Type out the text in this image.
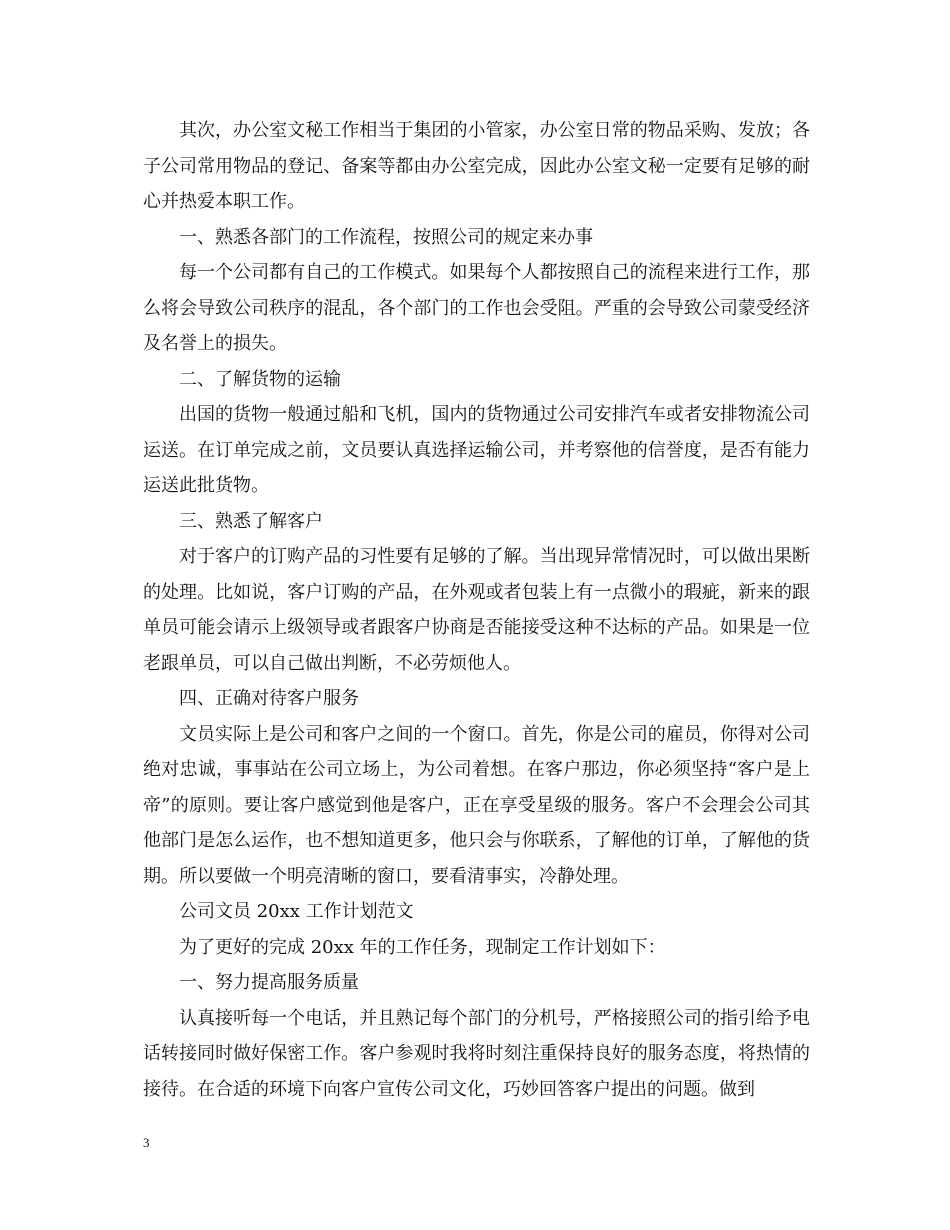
其次，办公室文秘工作相当于集团的小管家，办公室日常的物品采购、发放；各子公司常用物品的登记、备案等都由办公室完成，因此办公室文秘一定要有足够的耐心并热爱本职工作。

一、熟悉各部门的工作流程，按照公司的规定来办事

每一个公司都有自己的工作模式。如果每个人都按照自己的流程来进行工作，那么将会导致公司秩序的混乱，各个部门的工作也会受阻。严重的会导致公司蒙受经济及名誉上的损失。

二、了解货物的运输

出国的货物一般通过船和飞机，国内的货物通过公司安排汽车或者安排物流公司运送。在订单完成之前，文员要认真选择运输公司，并考察他的信誉度，是否有能力运送此批货物。

三、熟悉了解客户

对于客户的订购产品的习性要有足够的了解。当出现异常情况时，可以做出果断的处理。比如说，客户订购的产品，在外观或者包装上有一点微小的瑕疵，新来的跟单员可能会请示上级领导或者跟客户协商是否能接受这种不达标的产品。如果是一位老跟单员，可以自己做出判断，不必劳烦他人。

四、正确对待客户服务

文员实际上是公司和客户之间的一个窗口。首先，你是公司的雇员，你得对公司绝对忠诚，事事站在公司立场上，为公司着想。在客户那边，你必须坚持“客户是上帝”的原则。要让客户感觉到他是客户，正在享受星级的服务。客户不会理会公司其他部门是怎么运作，也不想知道更多，他只会与你联系，了解他的订单，了解他的货期。所以要做一个明亮清晰的窗口，要看清事实，冷静处理。

公司文员 20xx 工作计划范文

为了更好的完成 20xx 年的工作任务，现制定工作计划如下：

一、努力提高服务质量

认真接听每一个电话，并且熟记每个部门的分机号，严格接照公司的指引给予电话转接同时做好保密工作。客户参观时我将时刻注重保持良好的服务态度，将热情的接待。在合适的环境下向客户宣传公司文化，巧妙回答客户提出的问题。做到

3
